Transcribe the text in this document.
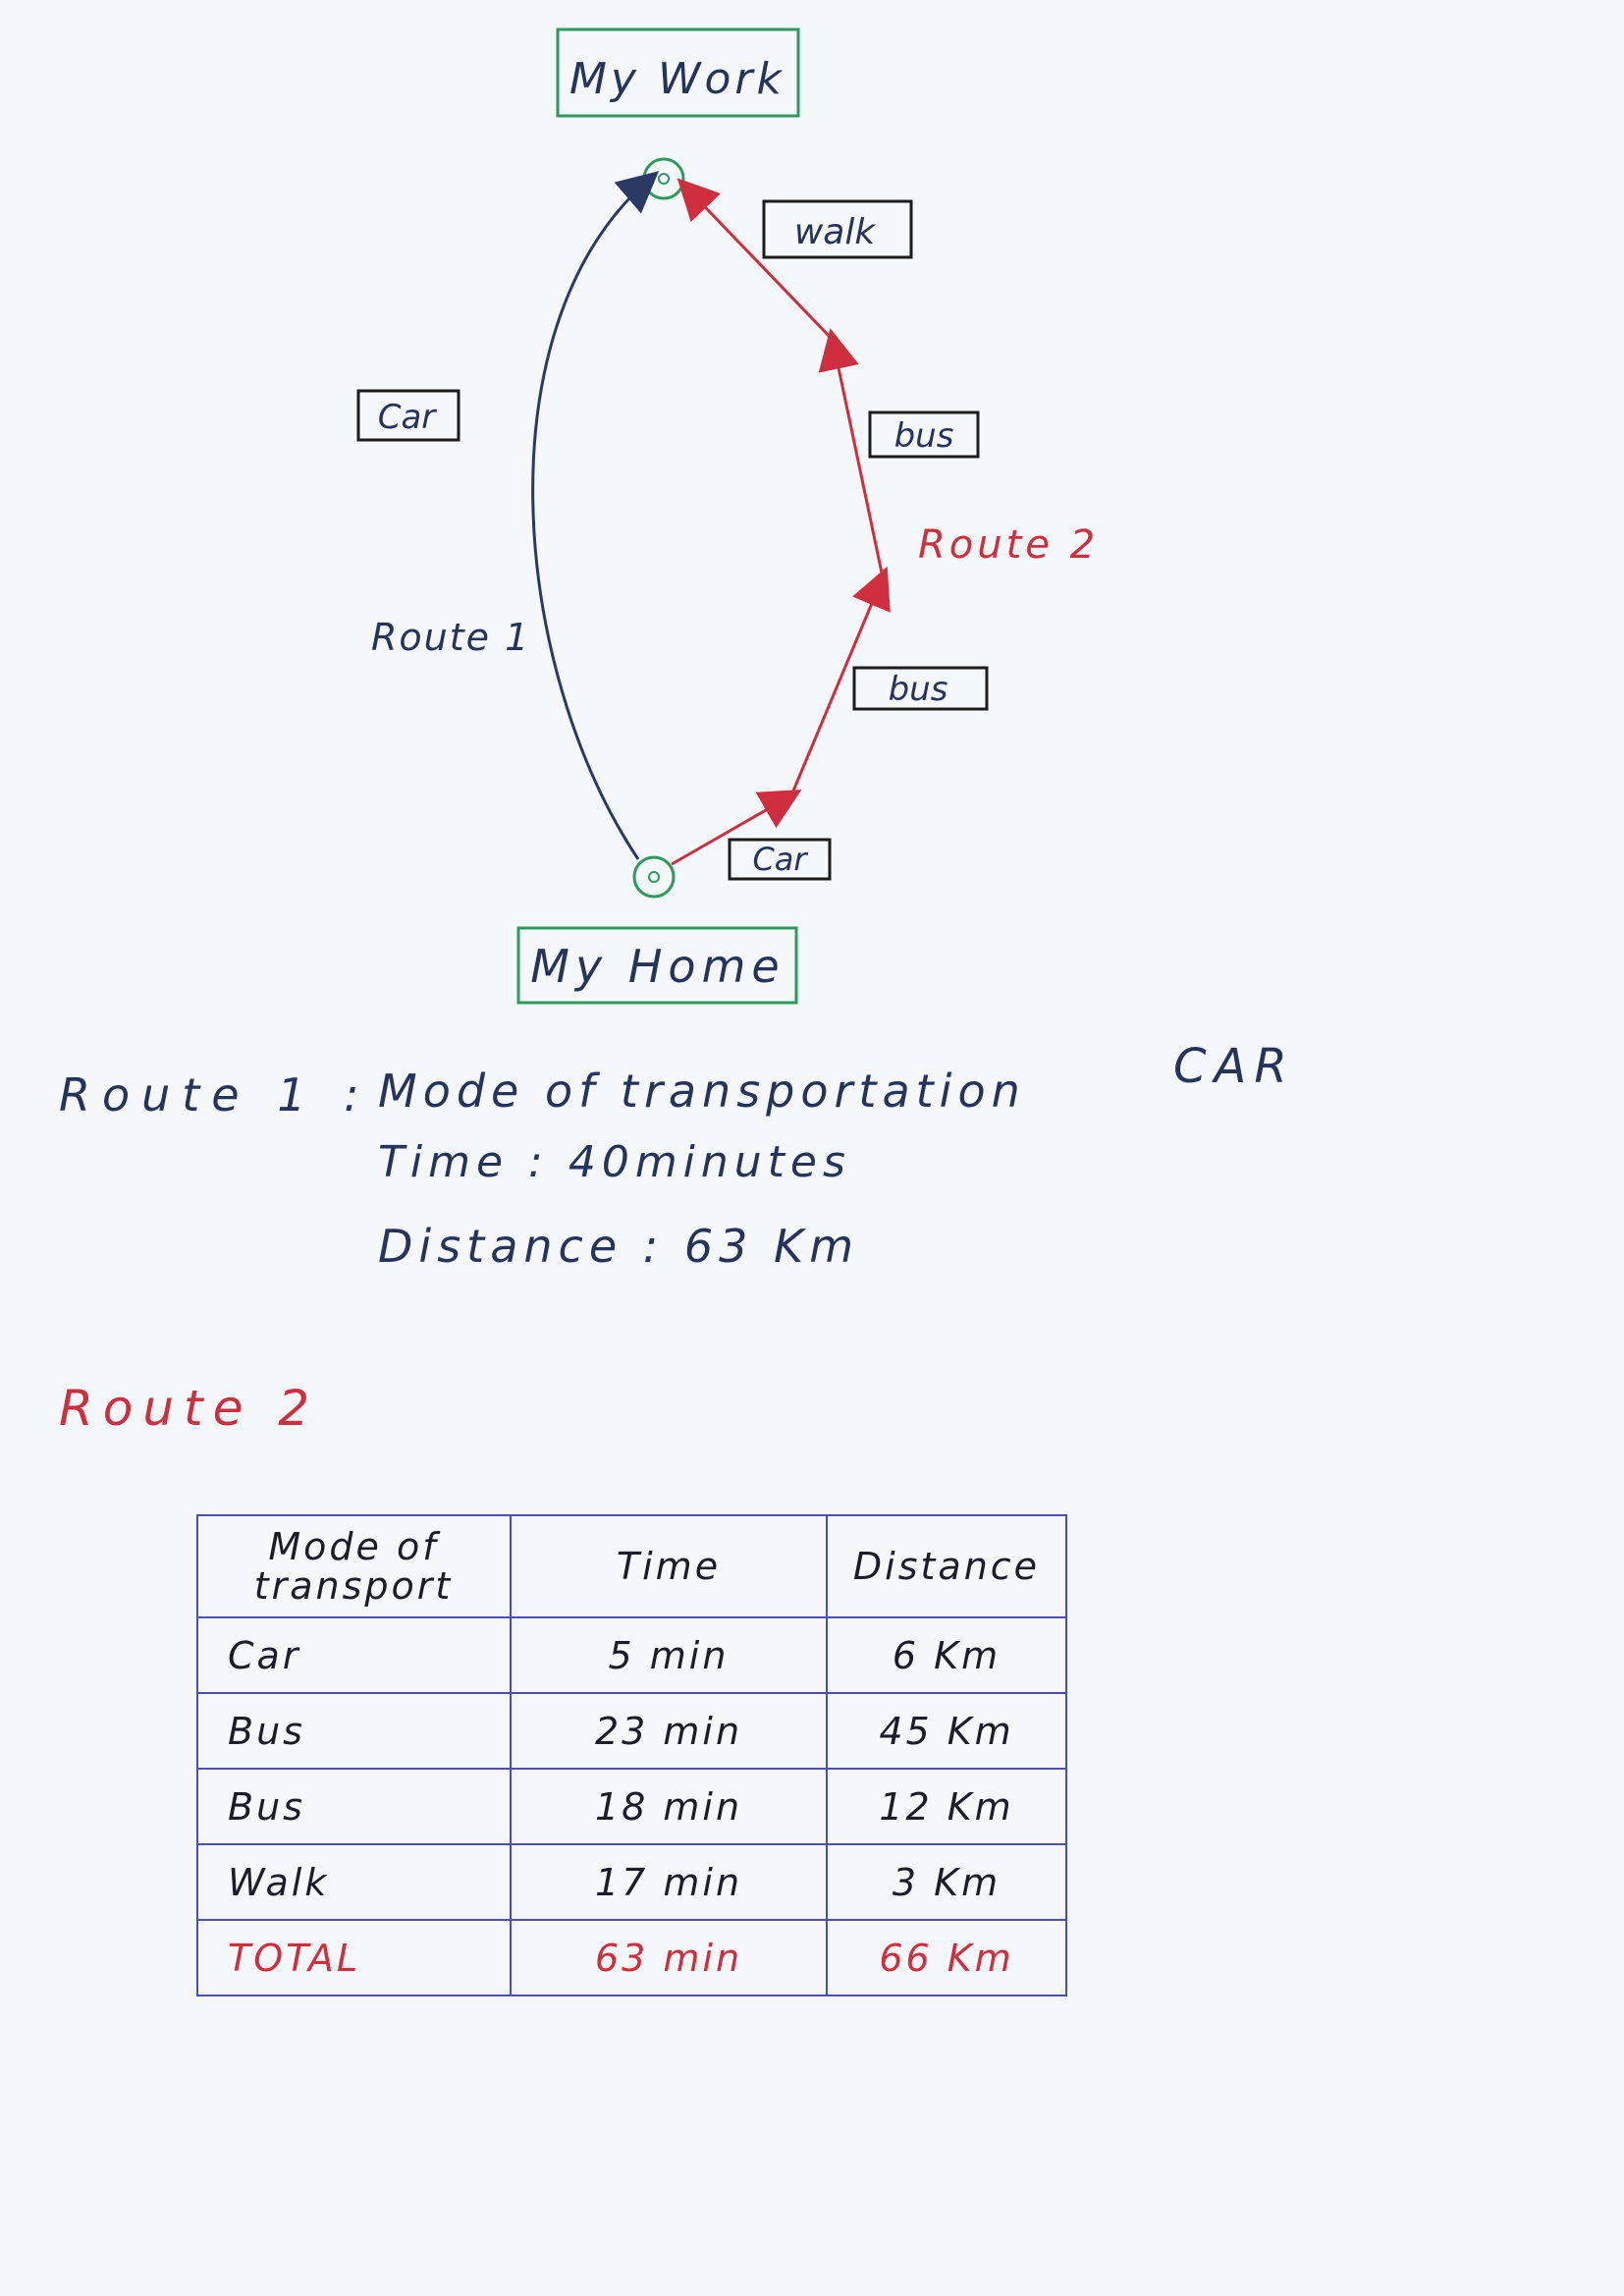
My Work
My Home
Car
Route 1
Car
bus
bus
walk
Route 2
Route 1 : Mode of transportation	CAR
Time : 40minutes
Distance : 63 Km
Route 2
Mode of transport	Time	Distance
Car	5 min	6 Km
Bus	23 min	45 Km
Bus	18 min	12 Km
Walk	17 min	3 Km
TOTAL	63 min	66 Km
